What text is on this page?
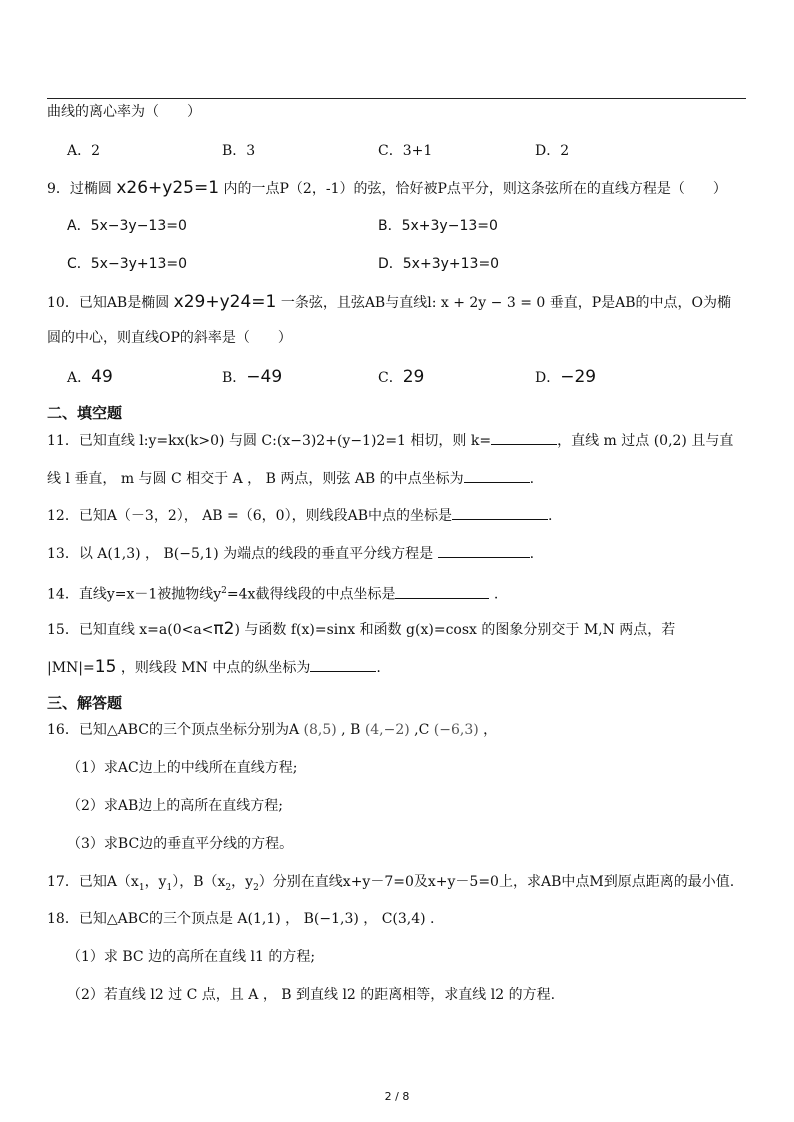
曲线的离心率为（　　）
A．2	B．3	C．3+1	D．2
9．过椭圆 x26+y25=1 内的一点P（2，-1）的弦，恰好被P点平分，则这条弦所在的直线方程是（　　）
A．5x−3y−13=0	B．5x+3y−13=0
C．5x−3y+13=0	D．5x+3y+13=0
10．已知AB是椭圆 x29+y24=1 一条弦，且弦AB与直线l: x + 2y − 3 = 0 垂直，P是AB的中点，O为椭
圆的中心，则直线OP的斜率是（　　）
A．49	B．−49	C．29	D．−29
二、填空题
11．已知直线 l:y=kx(k>0) 与圆 C:(x−3)2+(y−1)2=1 相切，则 k=	，直线 m 过点 (0,2) 且与直
线 l 垂直， m 与圆 C 相交于 A ， B 两点，则弦 AB 的中点坐标为	.
12．已知A（－3，2）， AB =（6，0），则线段AB中点的坐标是	.
13．以 A(1,3) ， B(−5,1) 为端点的线段的垂直平分线方程是	.
14．直线y=x－1被抛物线$y^2=4x$截得线段的中点坐标是	.
15．已知直线 x=a(0<a<π2) 与函数 f(x)=sinx 和函数 g(x)=cosx 的图象分别交于 M,N 两点，若
|MN|=15 ，则线段 MN 中点的纵坐标为	.
三、解答题
16．已知△ABC的三个顶点坐标分别为A (8,5) , B (4,−2) ,C (−6,3) ，
（1）求AC边上的中线所在直线方程;
（2）求AB边上的高所在直线方程;
（3）求BC边的垂直平分线的方程。
17．已知$A(x_1$，$y_1$），$B(x_2$，$y_2$）分别在直线x+y－7=0及x+y－5=0上，求AB中点M到原点距离的最小值.
18．已知△ABC的三个顶点是 A(1,1) ， B(−1,3) ， C(3,4) .
（1）求 BC 边的高所在直线 l1 的方程;
（2）若直线 l2 过 C 点，且 A ， B 到直线 l2 的距离相等，求直线 l2 的方程.
2 / 8
